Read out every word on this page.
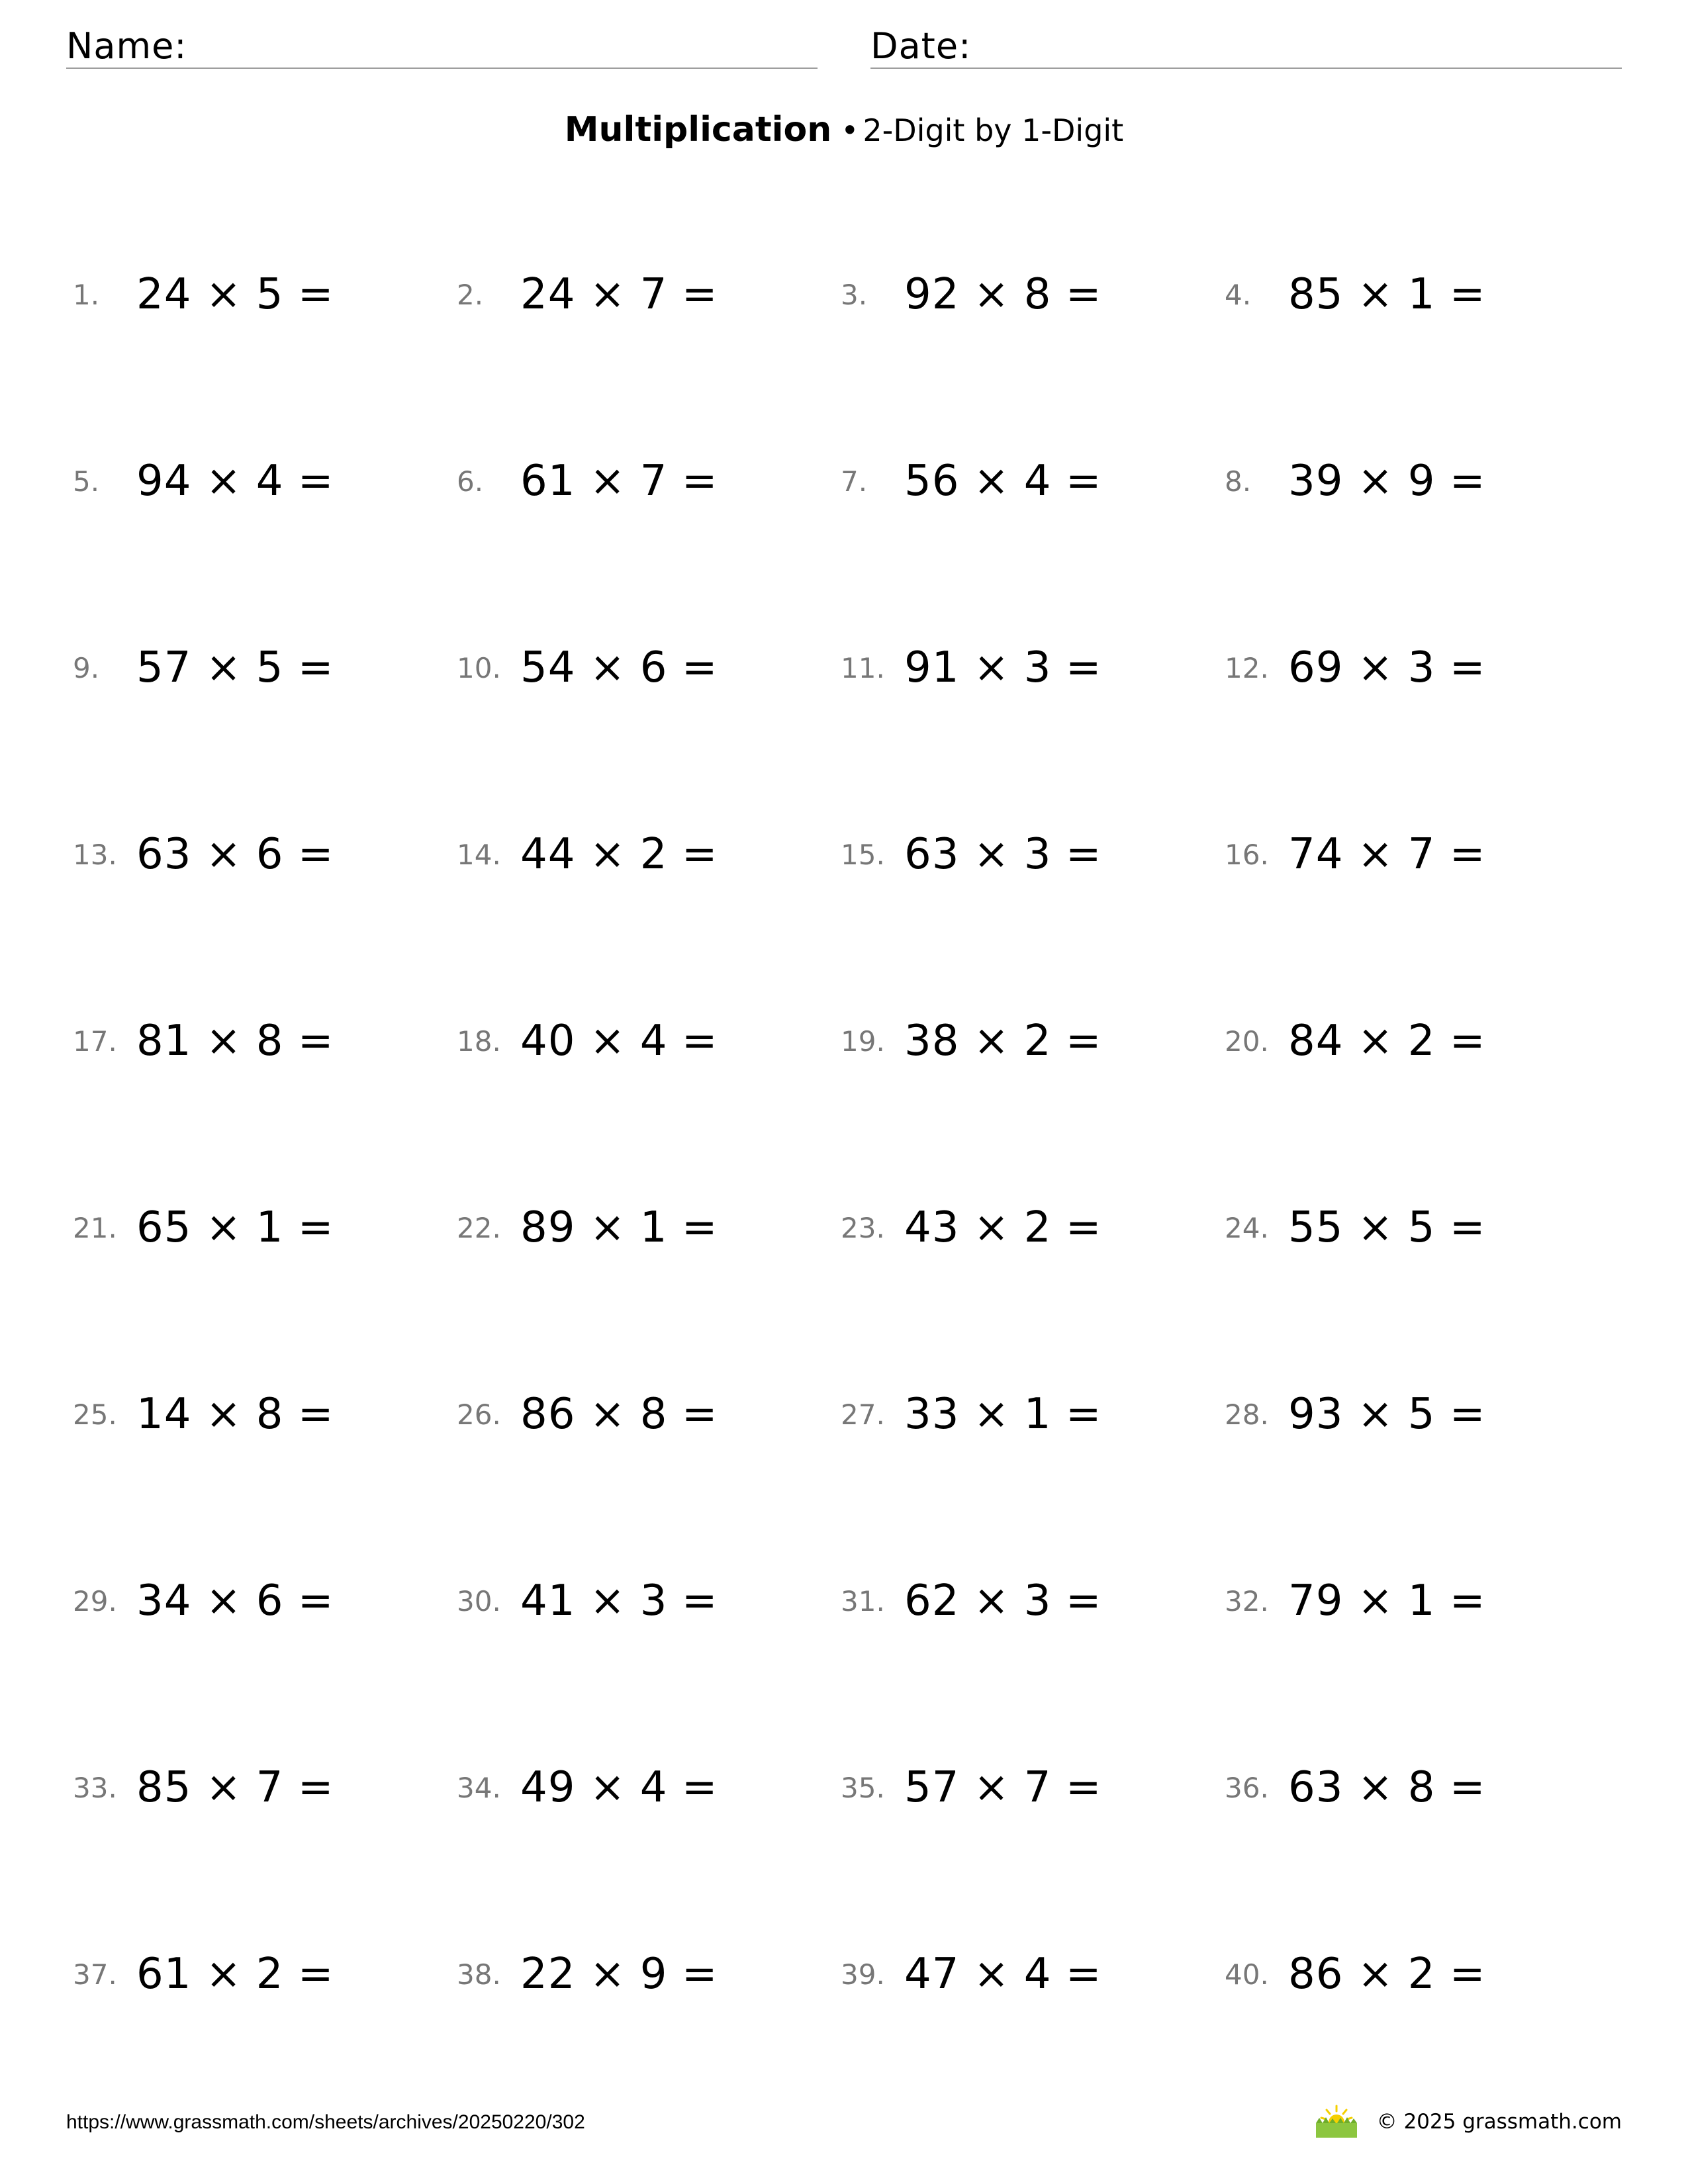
Name:	Date:
Multiplication • 2-Digit by 1-Digit
1. 24 × 5 =	2. 24 × 7 =	3. 92 × 8 =	4. 85 × 1 =
5. 94 × 4 =	6. 61 × 7 =	7. 56 × 4 =	8. 39 × 9 =
9. 57 × 5 =	10. 54 × 6 =	11. 91 × 3 =	12. 69 × 3 =
13. 63 × 6 =	14. 44 × 2 =	15. 63 × 3 =	16. 74 × 7 =
17. 81 × 8 =	18. 40 × 4 =	19. 38 × 2 =	20. 84 × 2 =
21. 65 × 1 =	22. 89 × 1 =	23. 43 × 2 =	24. 55 × 5 =
25. 14 × 8 =	26. 86 × 8 =	27. 33 × 1 =	28. 93 × 5 =
29. 34 × 6 =	30. 41 × 3 =	31. 62 × 3 =	32. 79 × 1 =
33. 85 × 7 =	34. 49 × 4 =	35. 57 × 7 =	36. 63 × 8 =
37. 61 × 2 =	38. 22 × 9 =	39. 47 × 4 =	40. 86 × 2 =
https://www.grassmath.com/sheets/archives/20250220/302	© 2025 grassmath.com
